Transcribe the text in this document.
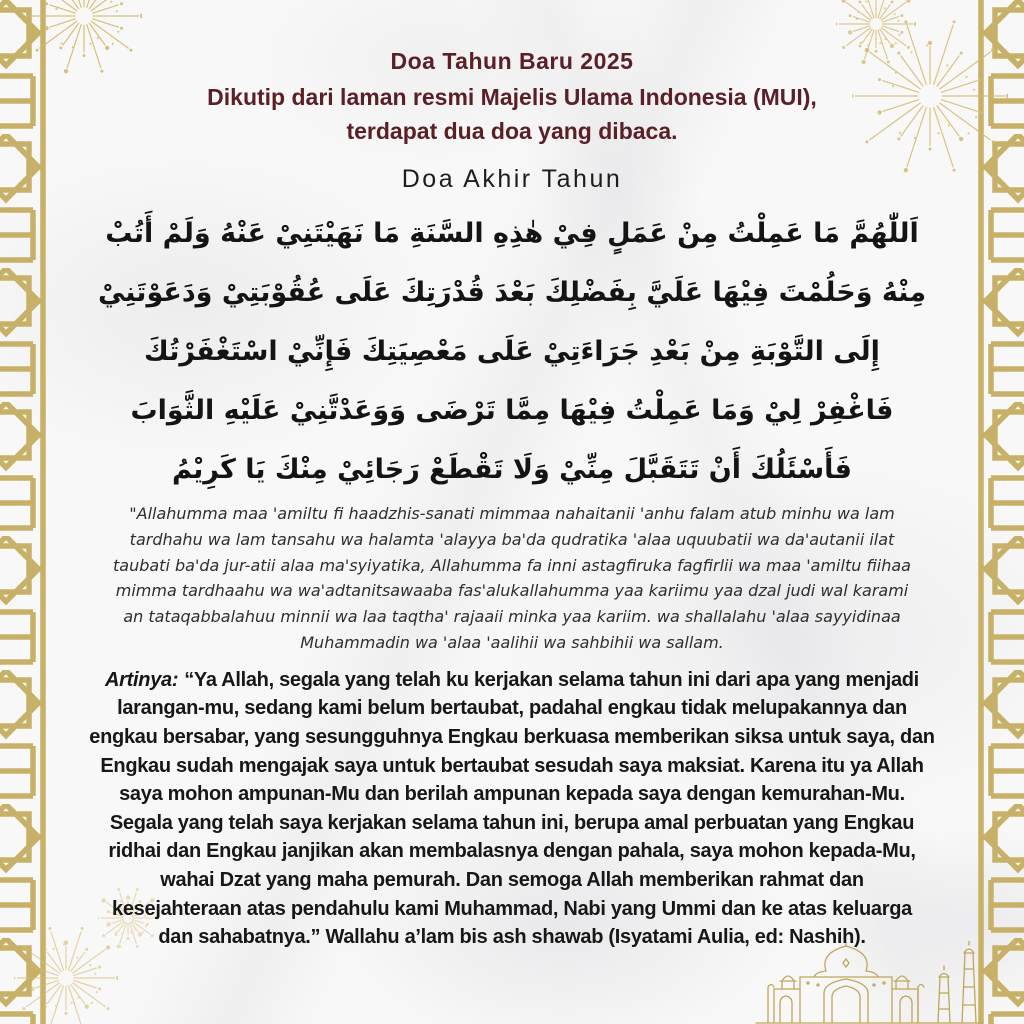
Doa Tahun Baru 2025
Dikutip dari laman resmi Majelis Ulama Indonesia (MUI),
terdapat dua doa yang dibaca.
Doa Akhir Tahun
اَللّٰهُمَّ مَا عَمِلْتُ مِنْ عَمَلٍ فِيْ هٰذِهِ السَّنَةِ مَا نَهَيْتَنِيْ عَنْهُ وَلَمْ أَتُبْ
مِنْهُ وَحَلُمْتَ فِيْهَا عَلَيَّ بِفَضْلِكَ بَعْدَ قُدْرَتِكَ عَلَى عُقُوْبَتِيْ وَدَعَوْتَنِيْ
إِلَى التَّوْبَةِ مِنْ بَعْدِ جَرَاءَتِيْ عَلَى مَعْصِيَتِكَ فَإِنِّيْ اسْتَغْفَرْتُكَ
فَاغْفِرْ لِيْ وَمَا عَمِلْتُ فِيْهَا مِمَّا تَرْضَى وَوَعَدْتَّنِيْ عَلَيْهِ الثَّوَابَ
فَأَسْئَلُكَ أَنْ تَتَقَبَّلَ مِنِّيْ وَلَا تَقْطَعْ رَجَائِيْ مِنْكَ يَا كَرِيْمُ
"Allahumma maa 'amiltu fi haadzhis-sanati mimmaa nahaitanii 'anhu falam atub minhu wa lam
tardhahu wa lam tansahu wa halamta 'alayya ba'da qudratika 'alaa uquubatii wa da'autanii ilat
taubati ba'da jur-atii alaa ma'syiyatika, Allahumma fa inni astagfiruka fagfirlii wa maa 'amiltu fiihaa
mimma tardhaahu wa wa'adtanitsawaaba fas'alukallahumma yaa kariimu yaa dzal judi wal karami
an tataqabbalahuu minnii wa laa taqtha' rajaaii minka yaa kariim. wa shallalahu 'alaa sayyidinaa
Muhammadin wa 'alaa 'aalihii wa sahbihii wa sallam.
Artinya: “Ya Allah, segala yang telah ku kerjakan selama tahun ini dari apa yang menjadi
larangan-mu, sedang kami belum bertaubat, padahal engkau tidak melupakannya dan
engkau bersabar, yang sesungguhnya Engkau berkuasa memberikan siksa untuk saya, dan
Engkau sudah mengajak saya untuk bertaubat sesudah saya maksiat. Karena itu ya Allah
saya mohon ampunan-Mu dan berilah ampunan kepada saya dengan kemurahan-Mu.
Segala yang telah saya kerjakan selama tahun ini, berupa amal perbuatan yang Engkau
ridhai dan Engkau janjikan akan membalasnya dengan pahala, saya mohon kepada-Mu,
wahai Dzat yang maha pemurah. Dan semoga Allah memberikan rahmat dan
kesejahteraan atas pendahulu kami Muhammad, Nabi yang Ummi dan ke atas keluarga
dan sahabatnya.” Wallahu a’lam bis ash shawab (Isyatami Aulia, ed: Nashih).
